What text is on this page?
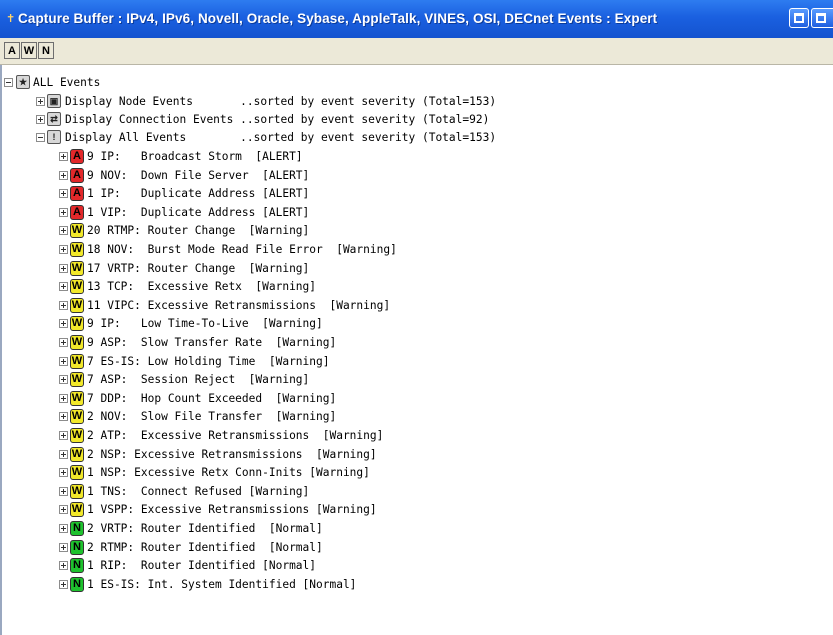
✝ Capture Buffer : IPv4, IPv6, Novell, Oracle, Sybase, AppleTalk, VINES, OSI, DECnet Events : Expert
A W N

★

ALL Events

▣

Display Node Events       ..sorted by event severity (Total=153)

⇄

Display Connection Events ..sorted by event severity (Total=92)

!

Display All Events        ..sorted by event severity (Total=153)

A 9 IP:   Broadcast Storm  [ALERT]
A 9 NOV:  Down File Server  [ALERT]
A 1 IP:   Duplicate Address [ALERT]
A 1 VIP:  Duplicate Address [ALERT]
W 20 RTMP: Router Change  [Warning]
W 18 NOV:  Burst Mode Read File Error  [Warning]
W 17 VRTP: Router Change  [Warning]
W 13 TCP:  Excessive Retx  [Warning]
W 11 VIPC: Excessive Retransmissions  [Warning]
W 9 IP:   Low Time-To-Live  [Warning]
W 9 ASP:  Slow Transfer Rate  [Warning]
W 7 ES-IS: Low Holding Time  [Warning]
W 7 ASP:  Session Reject  [Warning]
W 7 DDP:  Hop Count Exceeded  [Warning]
W 2 NOV:  Slow File Transfer  [Warning]
W 2 ATP:  Excessive Retransmissions  [Warning]
W 2 NSP: Excessive Retransmissions  [Warning]
W 1 NSP: Excessive Retx Conn-Inits [Warning]
W 1 TNS:  Connect Refused [Warning]
W 1 VSPP: Excessive Retransmissions [Warning]
N 2 VRTP: Router Identified  [Normal]
N 2 RTMP: Router Identified  [Normal]
N 1 RIP:  Router Identified [Normal]
N 1 ES-IS: Int. System Identified [Normal]
